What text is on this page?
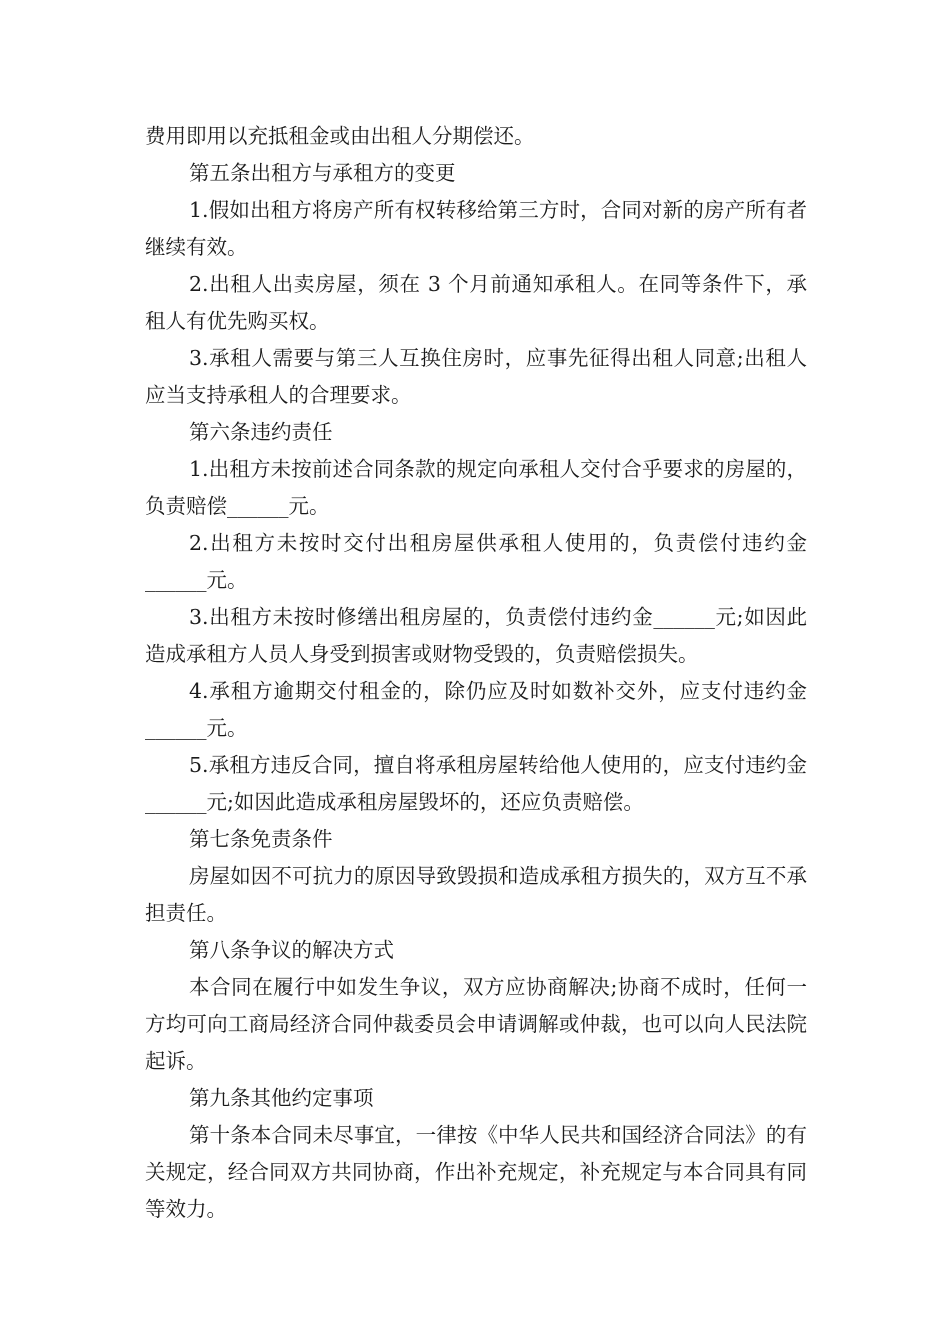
费用即用以充抵租金或由出租人分期偿还。

第五条出租方与承租方的变更

1.假如出租方将房产所有权转移给第三方时，合同对新的房产所有者继续有效。

2.出租人出卖房屋，须在 3 个月前通知承租人。在同等条件下，承租人有优先购买权。

3.承租人需要与第三人互换住房时，应事先征得出租人同意;出租人应当支持承租人的合理要求。

第六条违约责任

1.出租方未按前述合同条款的规定向承租人交付合乎要求的房屋的，负责赔偿______元。

2.出租方未按时交付出租房屋供承租人使用的，负责偿付违约金______元。

3.出租方未按时修缮出租房屋的，负责偿付违约金______元;如因此造成承租方人员人身受到损害或财物受毁的，负责赔偿损失。

4.承租方逾期交付租金的，除仍应及时如数补交外，应支付违约金______元。

5.承租方违反合同，擅自将承租房屋转给他人使用的，应支付违约金______元;如因此造成承租房屋毁坏的，还应负责赔偿。

第七条免责条件

房屋如因不可抗力的原因导致毁损和造成承租方损失的，双方互不承担责任。

第八条争议的解决方式

本合同在履行中如发生争议，双方应协商解决;协商不成时，任何一方均可向工商局经济合同仲裁委员会申请调解或仲裁，也可以向人民法院起诉。

第九条其他约定事项

第十条本合同未尽事宜，一律按《中华人民共和国经济合同法》的有关规定，经合同双方共同协商，作出补充规定，补充规定与本合同具有同等效力。
